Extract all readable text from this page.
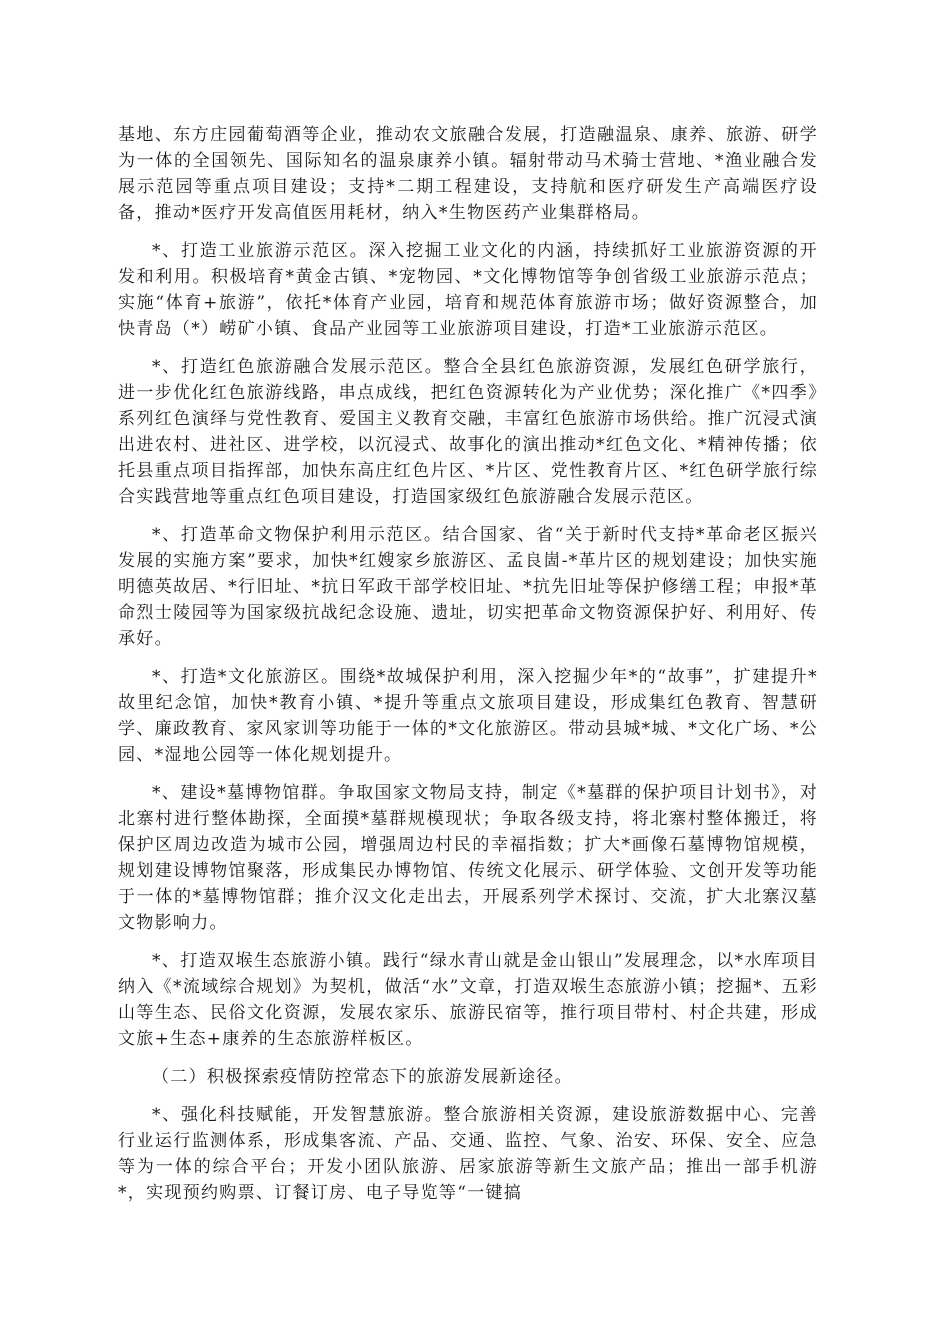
基地、东方庄园葡萄酒等企业，推动农文旅融合发展，打造融温泉、康养、旅游、研学为一体的全国领先、国际知名的温泉康养小镇。辐射带动马术骑士营地、*渔业融合发展示范园等重点项目建设；支持*二期工程建设，支持航和医疗研发生产高端医疗设备，推动*医疗开发高值医用耗材，纳入*生物医药产业集群格局。

*、打造工业旅游示范区。深入挖掘工业文化的内涵，持续抓好工业旅游资源的开发和利用。积极培育*黄金古镇、*宠物园、*文化博物馆等争创省级工业旅游示范点；实施“体育+旅游”，依托*体育产业园，培育和规范体育旅游市场；做好资源整合，加快青岛（*）崂矿小镇、食品产业园等工业旅游项目建设，打造*工业旅游示范区。

*、打造红色旅游融合发展示范区。整合全县红色旅游资源，发展红色研学旅行，进一步优化红色旅游线路，串点成线，把红色资源转化为产业优势；深化推广《*四季》系列红色演绎与党性教育、爱国主义教育交融，丰富红色旅游市场供给。推广沉浸式演出进农村、进社区、进学校，以沉浸式、故事化的演出推动*红色文化、*精神传播；依托县重点项目指挥部，加快东高庄红色片区、*片区、党性教育片区、*红色研学旅行综合实践营地等重点红色项目建设，打造国家级红色旅游融合发展示范区。

*、打造革命文物保护利用示范区。结合国家、省“关于新时代支持*革命老区振兴发展的实施方案”要求，加快*红嫂家乡旅游区、孟良崮-*革片区的规划建设；加快实施明德英故居、*行旧址、*抗日军政干部学校旧址、*抗先旧址等保护修缮工程；申报*革命烈士陵园等为国家级抗战纪念设施、遗址，切实把革命文物资源保护好、利用好、传承好。

*、打造*文化旅游区。围绕*故城保护利用，深入挖掘少年*的“故事”，扩建提升*故里纪念馆，加快*教育小镇、*提升等重点文旅项目建设，形成集红色教育、智慧研学、廉政教育、家风家训等功能于一体的*文化旅游区。带动县城*城、*文化广场、*公园、*湿地公园等一体化规划提升。

*、建设*墓博物馆群。争取国家文物局支持，制定《*墓群的保护项目计划书》，对北寨村进行整体勘探，全面摸*墓群规模现状；争取各级支持，将北寨村整体搬迁，将保护区周边改造为城市公园，增强周边村民的幸福指数；扩大*画像石墓博物馆规模，规划建设博物馆聚落，形成集民办博物馆、传统文化展示、研学体验、文创开发等功能于一体的*墓博物馆群；推介汉文化走出去，开展系列学术探讨、交流，扩大北寨汉墓文物影响力。

*、打造双堠生态旅游小镇。践行“绿水青山就是金山银山”发展理念，以*水库项目纳入《*流域综合规划》为契机，做活“水”文章，打造双堠生态旅游小镇；挖掘*、五彩山等生态、民俗文化资源，发展农家乐、旅游民宿等，推行项目带村、村企共建，形成文旅+生态+康养的生态旅游样板区。

（二）积极探索疫情防控常态下的旅游发展新途径。

*、强化科技赋能，开发智慧旅游。整合旅游相关资源，建设旅游数据中心、完善行业运行监测体系，形成集客流、产品、交通、监控、气象、治安、环保、安全、应急等为一体的综合平台；开发小团队旅游、居家旅游等新生文旅产品；推出一部手机游*，实现预约购票、订餐订房、电子导览等“一键搞
